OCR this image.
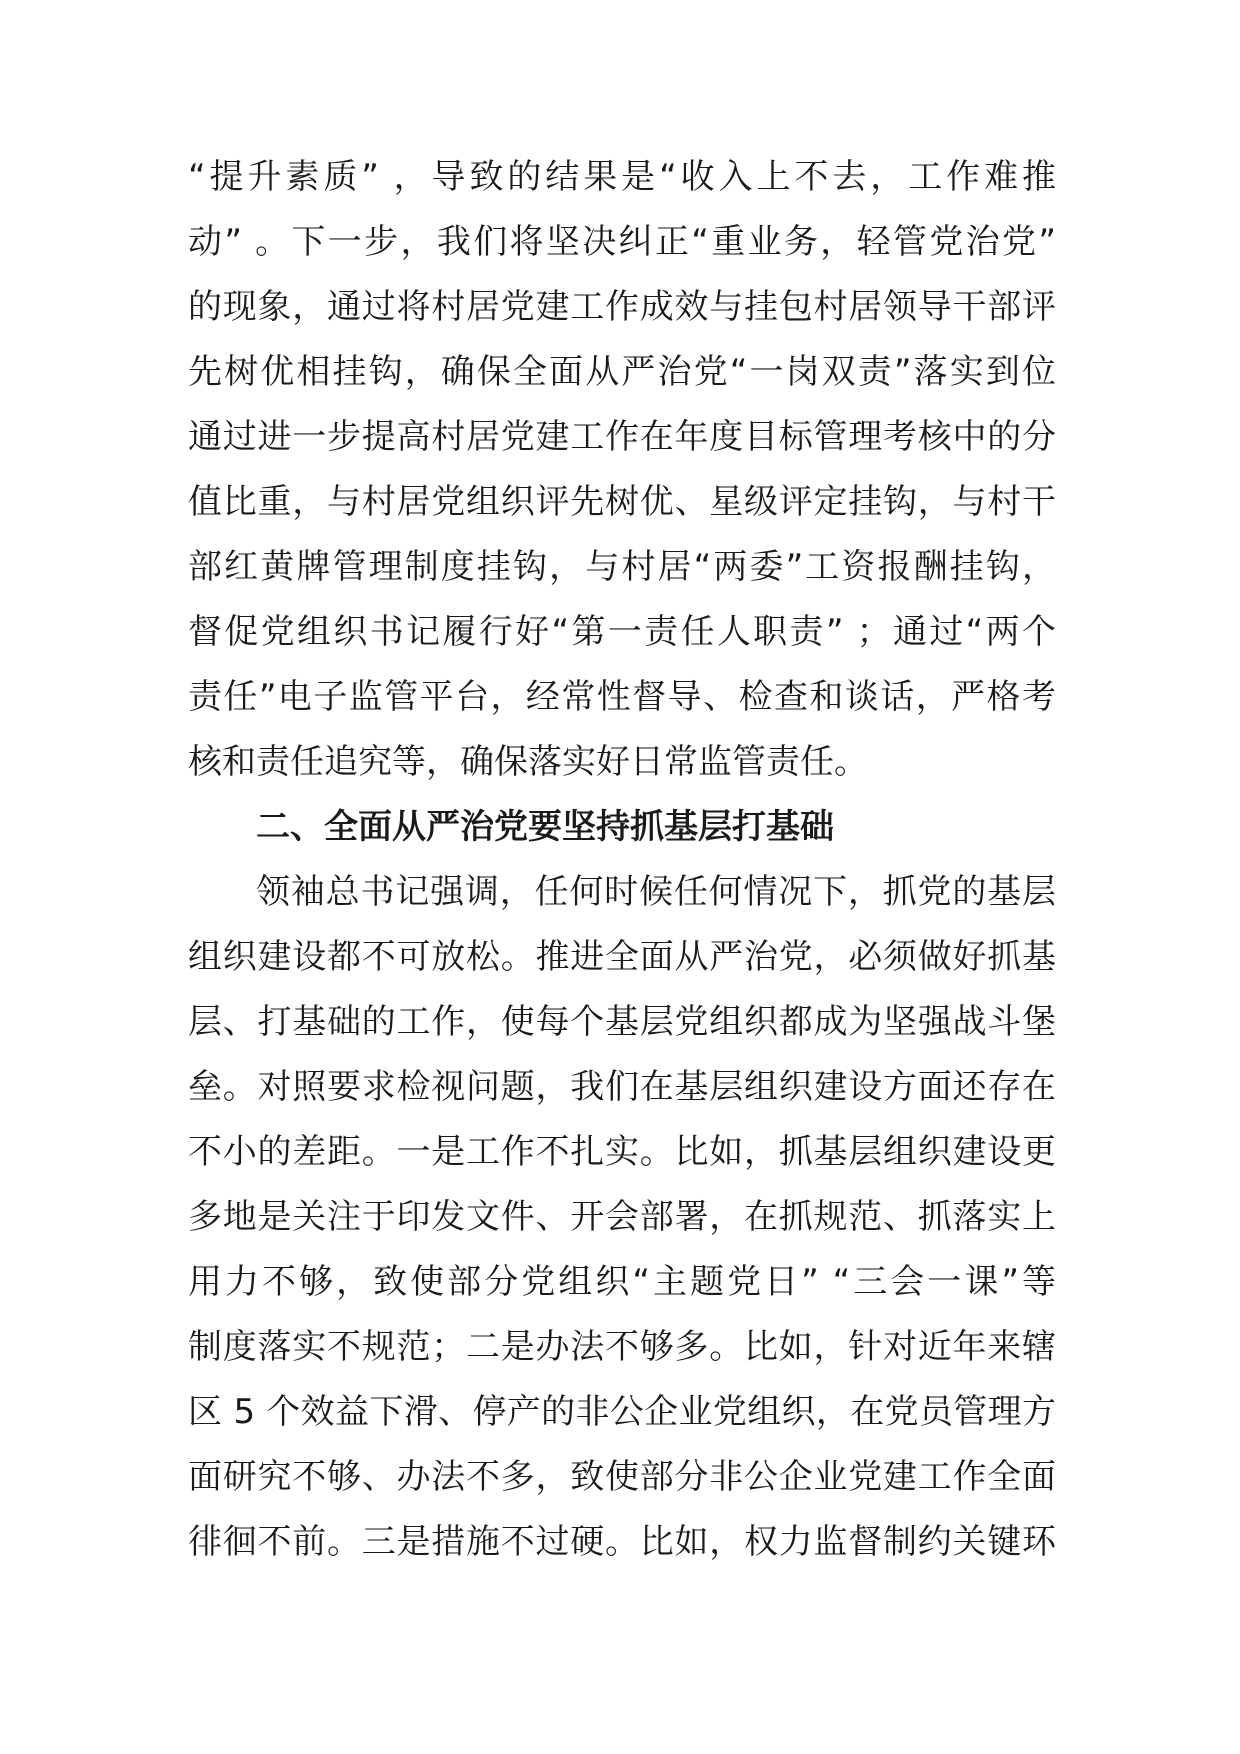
“提升素质” ，导致的结果是“收入上不去，工作难推
动” 。下一步，我们将坚决纠正“重业务，轻管党治党”
的现象，通过将村居党建工作成效与挂包村居领导干部评
先树优相挂钩，确保全面从严治党“一岗双责”落实到位
通过进一步提高村居党建工作在年度目标管理考核中的分
值比重，与村居党组织评先树优、星级评定挂钩，与村干
部红黄牌管理制度挂钩，与村居“两委”工资报酬挂钩，
督促党组织书记履行好“第一责任人职责” ；通过“两个
责任”电子监管平台，经常性督导、检查和谈话，严格考
核和责任追究等，确保落实好日常监管责任。
二、全面从严治党要坚持抓基层打基础
领袖总书记强调，任何时候任何情况下，抓党的基层
组织建设都不可放松。推进全面从严治党，必须做好抓基
层、打基础的工作，使每个基层党组织都成为坚强战斗堡
垒。对照要求检视问题，我们在基层组织建设方面还存在
不小的差距。一是工作不扎实。比如，抓基层组织建设更
多地是关注于印发文件、开会部署，在抓规范、抓落实上
用力不够，致使部分党组织“主题党日” “三会一课”等
制度落实不规范；二是办法不够多。比如，针对近年来辖
区 5 个效益下滑、停产的非公企业党组织，在党员管理方
面研究不够、办法不多，致使部分非公企业党建工作全面
徘徊不前。三是措施不过硬。比如，权力监督制约关键环
